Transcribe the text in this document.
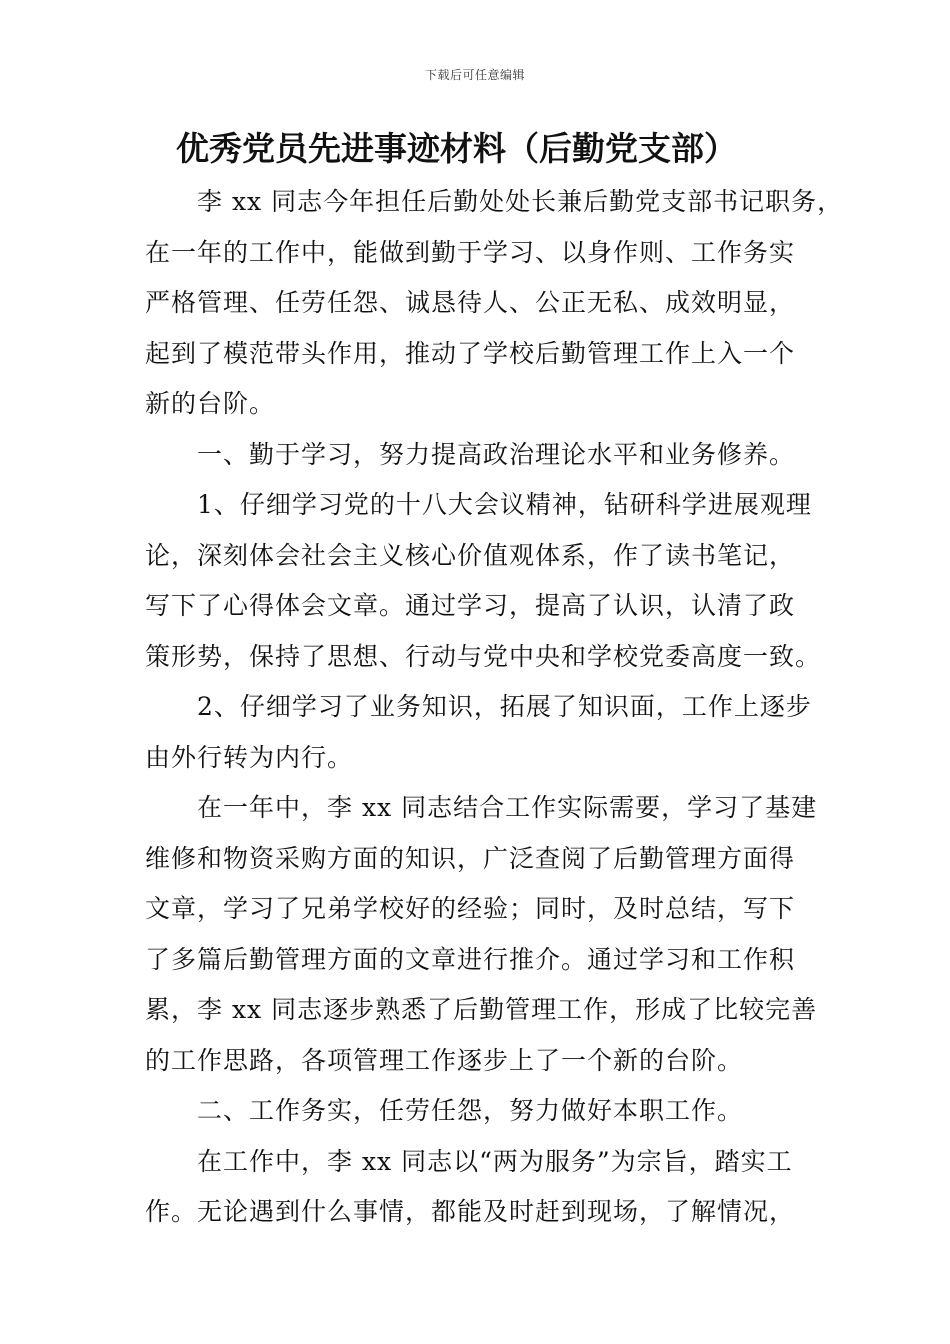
下载后可任意编辑
优秀党员先进事迹材料（后勤党支部）
李 xx 同志今年担任后勤处处长兼后勤党支部书记职务，
在一年的工作中，能做到勤于学习、以身作则、工作务实
严格管理、任劳任怨、诚恳待人、公正无私、成效明显，
起到了模范带头作用，推动了学校后勤管理工作上入一个
新的台阶。
一、勤于学习，努力提高政治理论水平和业务修养。
1、仔细学习党的十八大会议精神，钻研科学进展观理
论，深刻体会社会主义核心价值观体系，作了读书笔记，
写下了心得体会文章。通过学习，提高了认识，认清了政
策形势，保持了思想、行动与党中央和学校党委高度一致。
2、仔细学习了业务知识，拓展了知识面，工作上逐步
由外行转为内行。
在一年中，李 xx 同志结合工作实际需要，学习了基建
维修和物资采购方面的知识，广泛查阅了后勤管理方面得
文章，学习了兄弟学校好的经验；同时，及时总结，写下
了多篇后勤管理方面的文章进行推介。通过学习和工作积
累，李 xx 同志逐步熟悉了后勤管理工作，形成了比较完善
的工作思路，各项管理工作逐步上了一个新的台阶。
二、工作务实，任劳任怨，努力做好本职工作。
在工作中，李 xx 同志以“两为服务”为宗旨，踏实工
作。无论遇到什么事情，都能及时赶到现场，了解情况，
